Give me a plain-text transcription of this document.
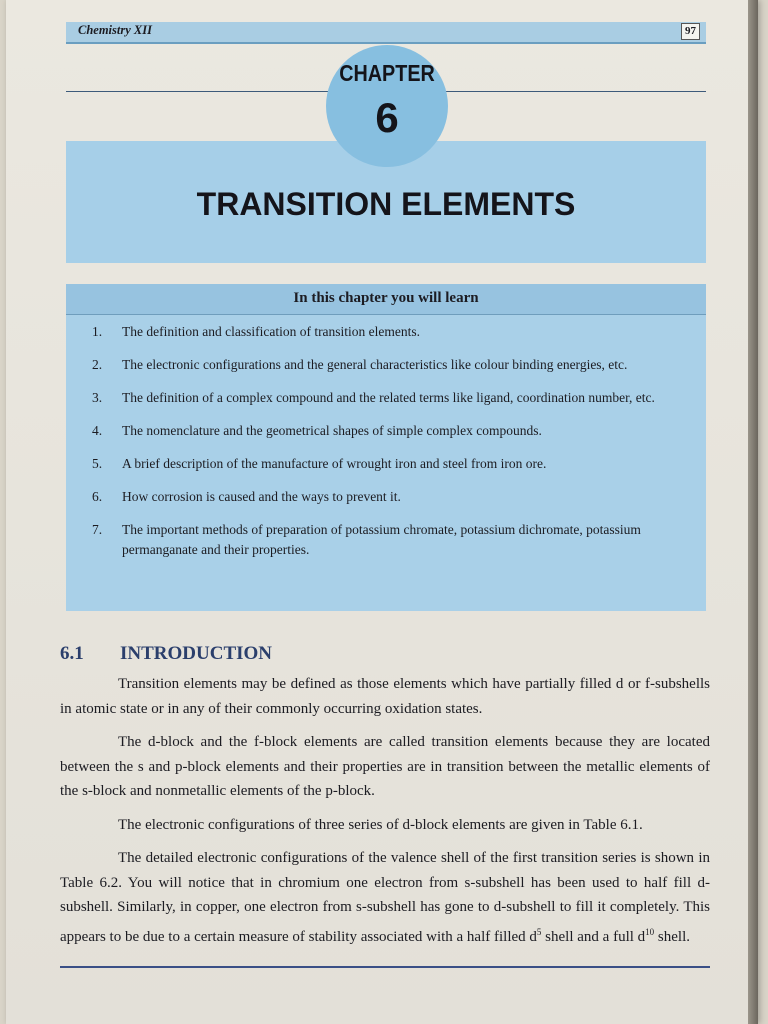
Chemistry XII	97
CHAPTER
6
TRANSITION ELEMENTS
In this chapter you will learn
1. The definition and classification of transition elements.
2. The electronic configurations and the general characteristics like colour binding energies, etc.
3. The definition of a complex compound and the related terms like ligand, coordination number, etc.
4. The nomenclature and the geometrical shapes of simple complex compounds.
5. A brief description of the manufacture of wrought iron and steel from iron ore.
6. How corrosion is caused and the ways to prevent it.
7. The important methods of preparation of potassium chromate, potassium dichromate, potassium permanganate and their properties.
6.1 INTRODUCTION

Transition elements may be defined as those elements which have partially filled d or f-subshells in atomic state or in any of their commonly occurring oxidation states.

The d-block and the f-block elements are called transition elements because they are located between the s and p-block elements and their properties are in transition between the metallic elements of the s-block and nonmetallic elements of the p-block.

The electronic configurations of three series of d-block elements are given in Table 6.1.

The detailed electronic configurations of the valence shell of the first transition series is shown in Table 6.2. You will notice that in chromium one electron from s-subshell has been used to half fill d-subshell. Similarly, in copper, one electron from s-subshell has gone to d-subshell to fill it completely. This appears to be due to a certain measure of stability associated with a half filled $d^5$ shell and a full $d^{10}$ shell.
